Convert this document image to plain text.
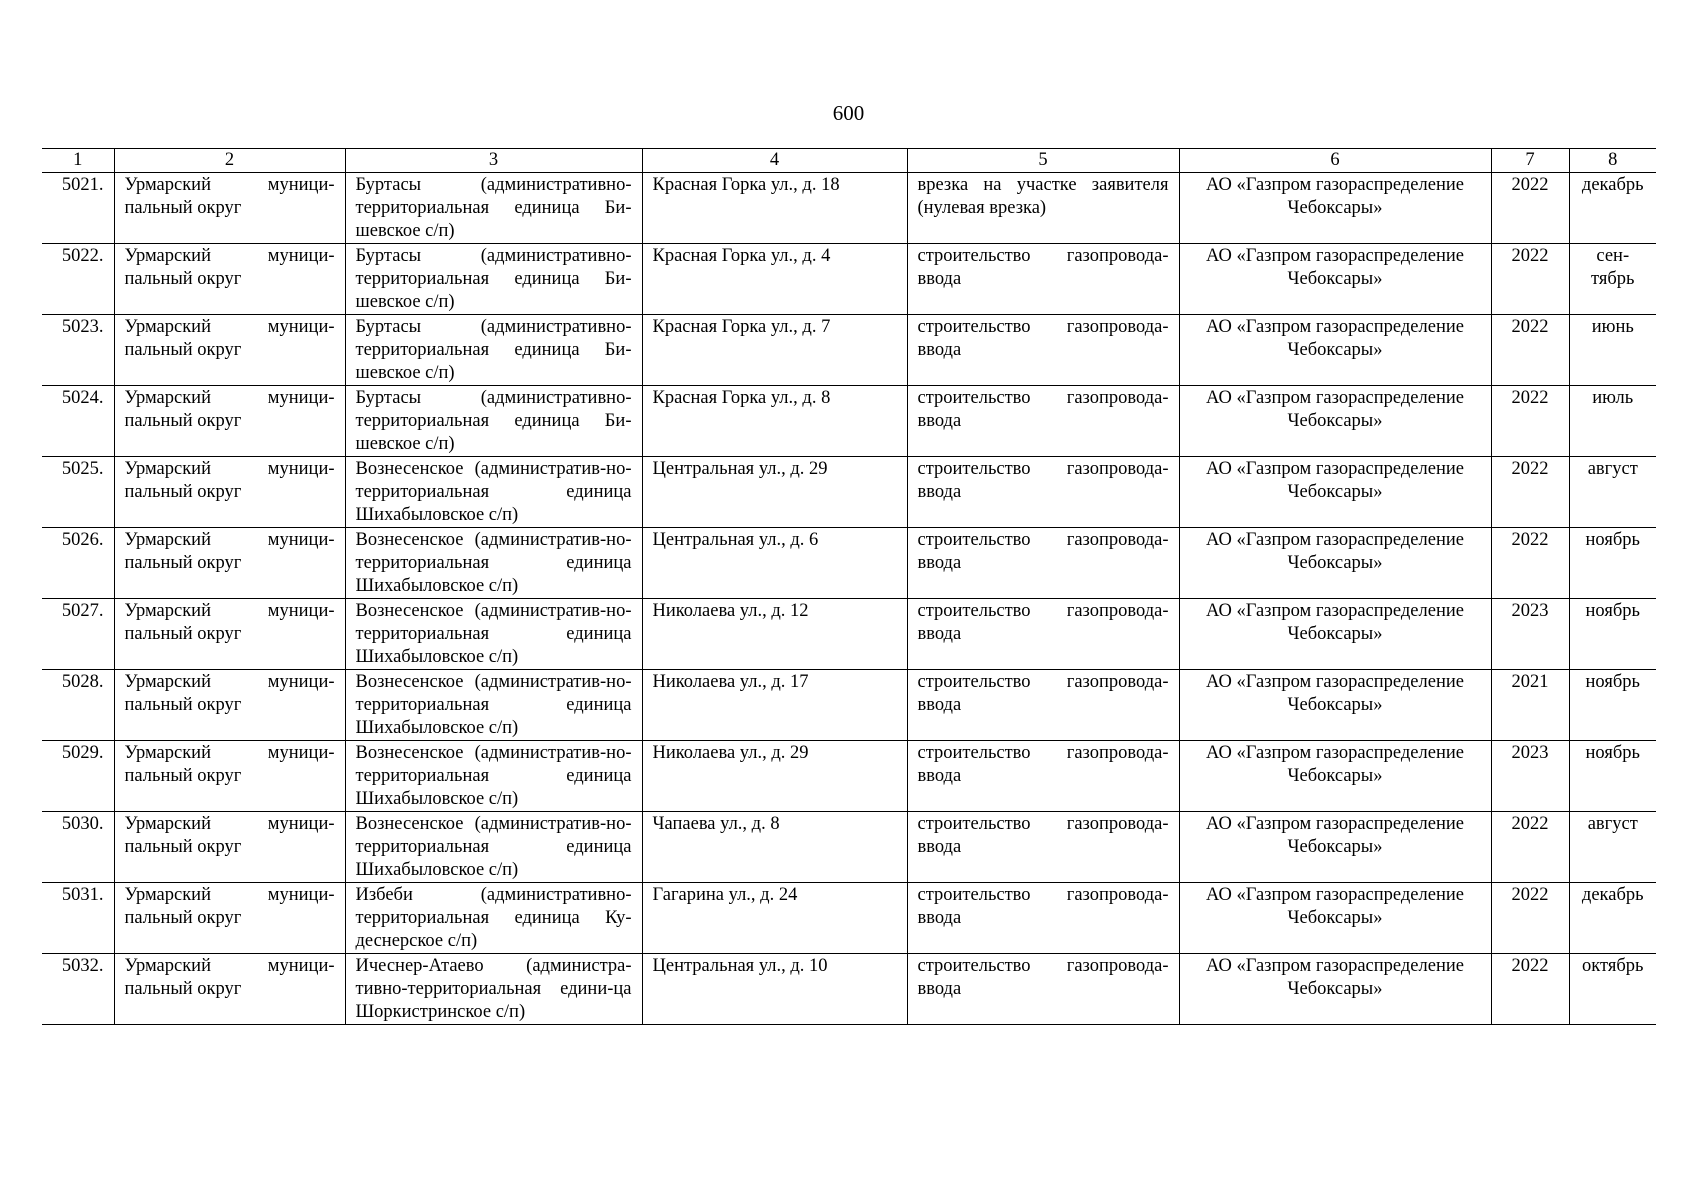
600
1	2	3	4	5	6	7	8
5021.	Урмарский муници-пальный округ	Буртасы (административно-территориальная единица Би-шевское с/п)	Красная Горка ул., д. 18	врезка на участке заявителя (нулевая врезка)	АО «Газпром газораспределение Чебоксары»	2022	декабрь
5022.	Урмарский муници-пальный округ	Буртасы (административно-территориальная единица Би-шевское с/п)	Красная Горка ул., д. 4	строительство газопровода-ввода	АО «Газпром газораспределение Чебоксары»	2022	сен-тябрь
5023.	Урмарский муници-пальный округ	Буртасы (административно-территориальная единица Би-шевское с/п)	Красная Горка ул., д. 7	строительство газопровода-ввода	АО «Газпром газораспределение Чебоксары»	2022	июнь
5024.	Урмарский муници-пальный округ	Буртасы (административно-территориальная единица Би-шевское с/п)	Красная Горка ул., д. 8	строительство газопровода-ввода	АО «Газпром газораспределение Чебоксары»	2022	июль
5025.	Урмарский муници-пальный округ	Вознесенское (административ-но-территориальная единица Шихабыловское с/п)	Центральная ул., д. 29	строительство газопровода-ввода	АО «Газпром газораспределение Чебоксары»	2022	август
5026.	Урмарский муници-пальный округ	Вознесенское (административ-но-территориальная единица Шихабыловское с/п)	Центральная ул., д. 6	строительство газопровода-ввода	АО «Газпром газораспределение Чебоксары»	2022	ноябрь
5027.	Урмарский муници-пальный округ	Вознесенское (административ-но-территориальная единица Шихабыловское с/п)	Николаева ул., д. 12	строительство газопровода-ввода	АО «Газпром газораспределение Чебоксары»	2023	ноябрь
5028.	Урмарский муници-пальный округ	Вознесенское (административ-но-территориальная единица Шихабыловское с/п)	Николаева ул., д. 17	строительство газопровода-ввода	АО «Газпром газораспределение Чебоксары»	2021	ноябрь
5029.	Урмарский муници-пальный округ	Вознесенское (административ-но-территориальная единица Шихабыловское с/п)	Николаева ул., д. 29	строительство газопровода-ввода	АО «Газпром газораспределение Чебоксары»	2023	ноябрь
5030.	Урмарский муници-пальный округ	Вознесенское (административ-но-территориальная единица Шихабыловское с/п)	Чапаева ул., д. 8	строительство газопровода-ввода	АО «Газпром газораспределение Чебоксары»	2022	август
5031.	Урмарский муници-пальный округ	Избеби (административно-территориальная единица Ку-деснерское с/п)	Гагарина ул., д. 24	строительство газопровода-ввода	АО «Газпром газораспределение Чебоксары»	2022	декабрь
5032.	Урмарский муници-пальный округ	Ичеснер-Атаево (администра-тивно-территориальная едини-ца Шоркистринское с/п)	Центральная ул., д. 10	строительство газопровода-ввода	АО «Газпром газораспределение Чебоксары»	2022	октябрь
